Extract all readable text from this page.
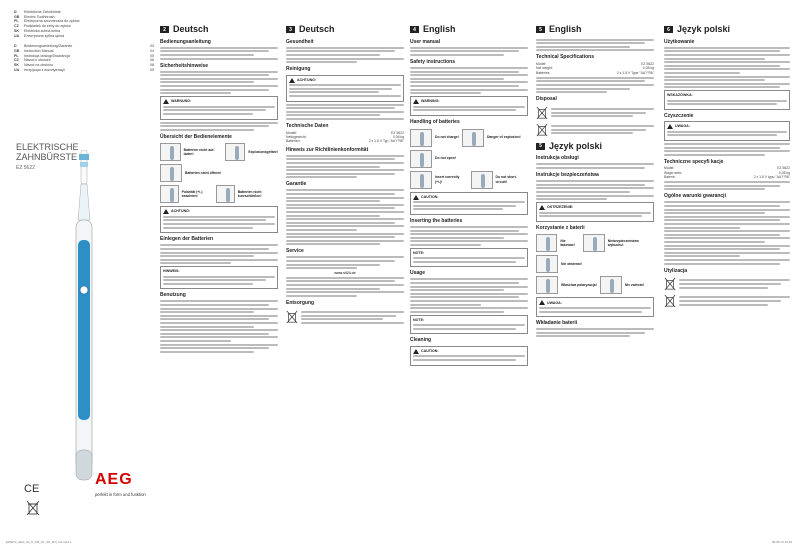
D	Elektrische Zahnbürste
GB	Electric Toothbrush
PL	Elektryczna szczoteczka do zębów
CZ	Podkladek do zeby do zębów
SK	Elektrická zubná kefka
UA	Електрична зубна щітка
D	Bedienungsanleitung/Garantie	03
GB	Instruction Manual	04
PL	Instrukcja obsługi/Gwarancja	05
CZ	Návod k obsluze	06
SK	Návod na obsluhu	08
UA	Інструкція з експлуатації	09
ELEKTRISCHE
ZAHNBÜRSTE
EZ 5622
CE
AEG
perfekt in form und funktion
EZ5622_AEG_IM_D_GB_PL_SK_RO_UA.indd 1
2 Deutsch
Bedienungsanleitung
Sicherheitshinweise
WARNUNG:
Übersicht der Bedienelemente
Batterien nicht auf-laden!
Explosionsgefahr!
Batterien nicht öffnen!
Polarität (+/-) beachten!
Batterien nicht kurzschließen!
ACHTUNG:
Einlegen der Batterien
HINWEIS:
Benutzung
3 Deutsch
Gesundheit
Reinigung
ACHTUNG:
Technische Daten
Modell:	EZ 5622
Nettogewicht:	0,08 kg
Batterien:	2 x 1,5 V Typ "AA"/"R6"
Hinweis zur Richtlinienkonformität
Garantie
Service
www.sli24.de
Entsorgung
4 English
User manual
Safety instructions
WARNING:
Handling of batteries
Do not charge!	Danger of explosion!
Do not open!
Insert correctly (+/-)!
Do not short-circuit!
CAUTION:
Inserting the batteries
NOTE:
Usage
NOTE:
Cleaning
CAUTION:
5 English
Technical Specifications
Model:	EZ 5622
Net weight:	0.08 kg
Batteries:	2 x 1.5 V Type "AA"/"R6"
Disposal
5 Język polski
Instrukcja obsługi
Instrukcje bezpieczeństwa
OSTRZEŻENIE:
Korzystanie z baterii
Nie ładować!
Niebezpieczeństwo wybuchu!
Nie otwierać!
Właściwa polaryzacja!	Nie zwierać!
UWAGA:
Wkładanie baterii
6 Język polski
Użytkowanie
WSKAZÓWKA:
Czyszczenie
UWAGA:
Techniczne specyfi kacje
Model:	EZ 5622
Waga netto:	0,08 kg
Baterie:	2 x 1,5 V typu "AA"/"R6"
Ogólne warunki gwarancji
Utylizacja
05.06.19 10:34
